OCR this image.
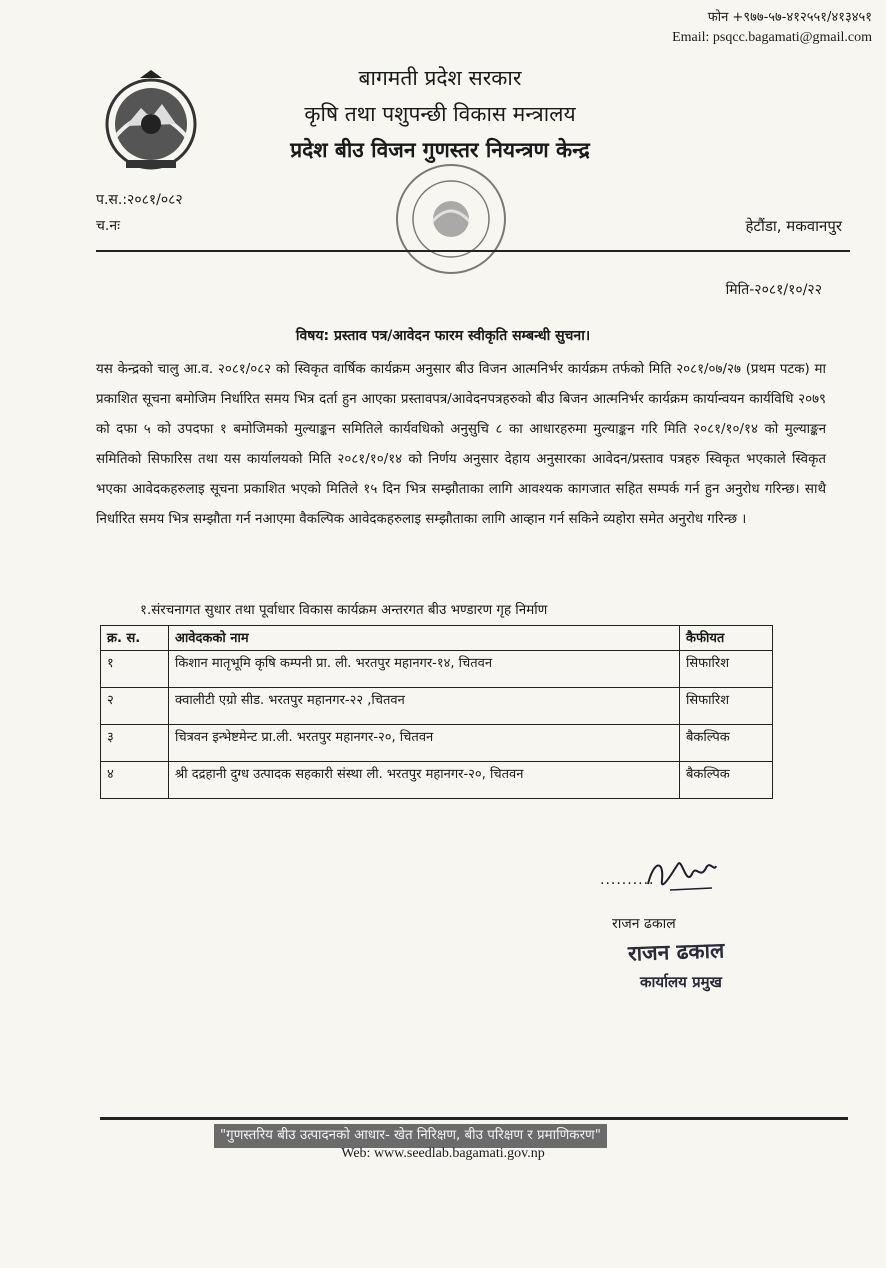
फोन +९७७-५७-४१२५५१/४१३४५१
Email: psqcc.bagamati@gmail.com
बागमती प्रदेश सरकार
कृषि तथा पशुपन्छी विकास मन्त्रालय
प्रदेश बीउ विजन गुणस्तर नियन्त्रण केन्द्र
प.स.:२०८१/०८२
च.नः	हेटौंडा, मकवानपुर
मिति-२०८१/१०/२२
विषय: प्रस्ताव पत्र/आवेदन फारम स्वीकृति सम्बन्धी सुचना।
यस केन्द्रको चालु आ.व. २०८१/०८२ को स्विकृत वार्षिक कार्यक्रम अनुसार बीउ विजन आत्मनिर्भर कार्यक्रम तर्फको मिति २०८१/०७/२७ (प्रथम पटक) मा प्रकाशित सूचना बमोजिम निर्धारित समय भित्र दर्ता हुन आएका प्रस्तावपत्र/आवेदनपत्रहरुको बीउ बिजन आत्मनिर्भर कार्यक्रम कार्यान्वयन कार्यविधि २०७९ को दफा ५ को उपदफा १ बमोजिमको मुल्याङ्कन समितिले कार्यवधिको अनुसुचि ८ का आधारहरुमा मुल्याङ्कन गरि मिति २०८१/१०/१४ को मुल्याङ्कन समितिको सिफारिस तथा यस कार्यालयको मिति २०८१/१०/१४ को निर्णय अनुसार देहाय अनुसारका आवेदन/प्रस्ताव पत्रहरु स्विकृत भएकाले स्विकृत भएका आवेदकहरुलाइ सूचना प्रकाशित भएको मितिले १५ दिन भित्र सम्झौताका लागि आवश्यक कागजात सहित सम्पर्क गर्न हुन अनुरोध गरिन्छ। साथै निर्धारित समय भित्र सम्झौता गर्न नआएमा वैकल्पिक आवेदकहरुलाइ सम्झौताका लागि आव्हान गर्न सकिने व्यहोरा समेत अनुरोध गरिन्छ ।
१.संरचनागत सुधार तथा पूर्वाधार विकास कार्यक्रम अन्तरगत बीउ भण्डारण गृह निर्माण
क्र. स.	आवेदकको नाम	कैफीयत
१	किशान मातृभूमि कृषि कम्पनी प्रा. ली. भरतपुर महानगर-१४, चितवन	सिफारिश
२	क्वालीटी एग्रो सीड. भरतपुर महानगर-२२ ,चितवन	सिफारिश
३	चित्रवन इन्भेष्टमेन्ट प्रा.ली. भरतपुर महानगर-२०, चितवन	बैकल्पिक
४	श्री दद्रहानी दुग्ध उत्पादक सहकारी संस्था ली. भरतपुर महानगर-२०, चितवन	बैकल्पिक
..........
राजन ढकाल
राजन ढकाल
कार्यालय प्रमुख
"गुणस्तरिय बीउ उत्पादनको आधार- खेत निरिक्षण, बीउ परिक्षण र प्रमाणिकरण"
Web: www.seedlab.bagamati.gov.np
